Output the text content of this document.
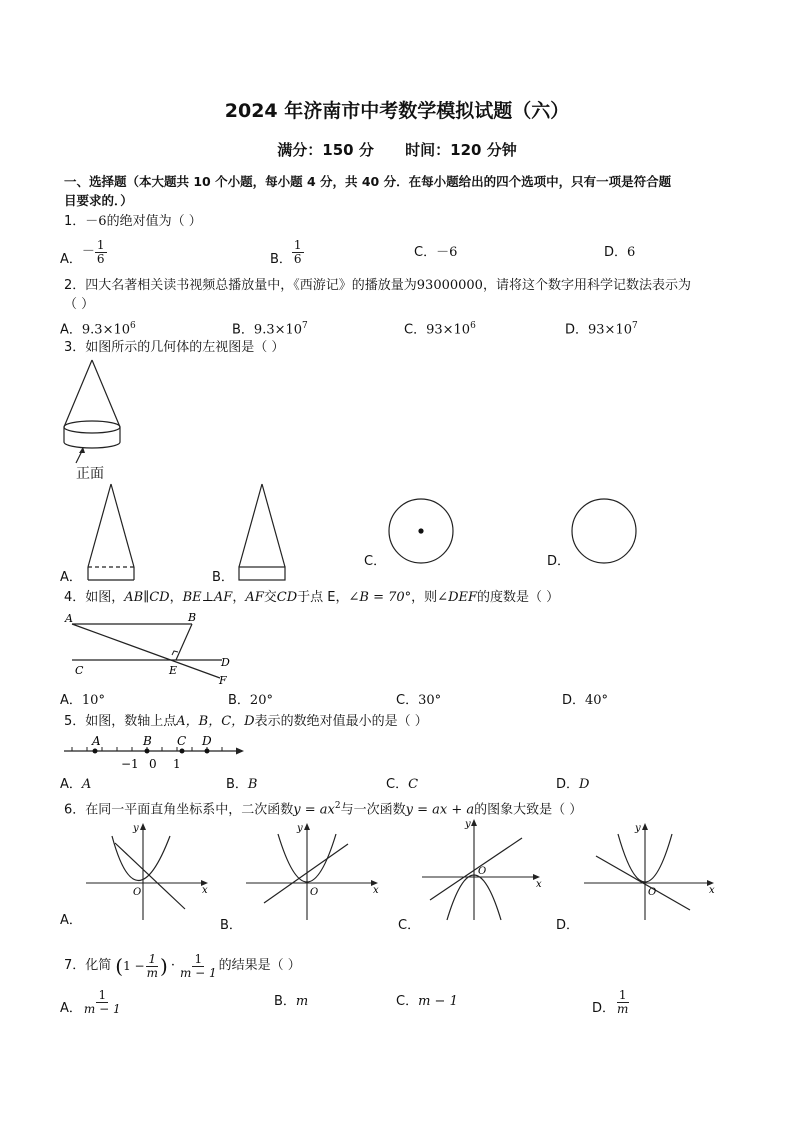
2024 年济南市中考数学模拟试题（六）
满分：150 分      时间：120 分钟
一、选择题（本大题共 10 个小题，每小题 4 分，共 40 分．在每小题给出的四个选项中，只有一项是符合题
目要求的．）
1．－6的绝对值为（ ）
A．
－ $\frac{1}{6}$	B． $\frac{1}{6}$	C．－6	D．6
2．四大名著相关读书视频总播放量中，《西游记》的播放量为93000000，请将这个数字用科学记数法表示为
（ ）
A．$9.3\times 10^6$	B．$9.3\times 10^7$	C．$93\times 10^6$	D．$93\times 10^7$
3．如图所示的几何体的左视图是（ ）
正面
A．	B．
C．	D．
4．如图，AB∥CD，BE⊥AF，AF交CD于点 E，∠B = 70°，则∠DEF的度数是（ ）
A	B
C
D
E
F
A．10°	B．20°	C．30°	D．40°
5．如图，数轴上点A，B，C，D表示的数绝对值最小的是（ ）
A	B C D
−1 0 1
A．A	B．B	C．C	D．D
6．在同一平面直角坐标系中，二次函数$y = ax^2$与一次函数y = ax + a的图象大致是（ ）
x
y
O	x
y
O
x
y
O
x
y
O
A．	B．	C．	D．
7．化简 ( $1 - \frac{1}{m}$ ) · $\frac{1}{m - 1}$ 的结果是（ ）
A． $\frac{1}{m - 1}$	B．m	C．m − 1	D． $\frac{1}{m}$
